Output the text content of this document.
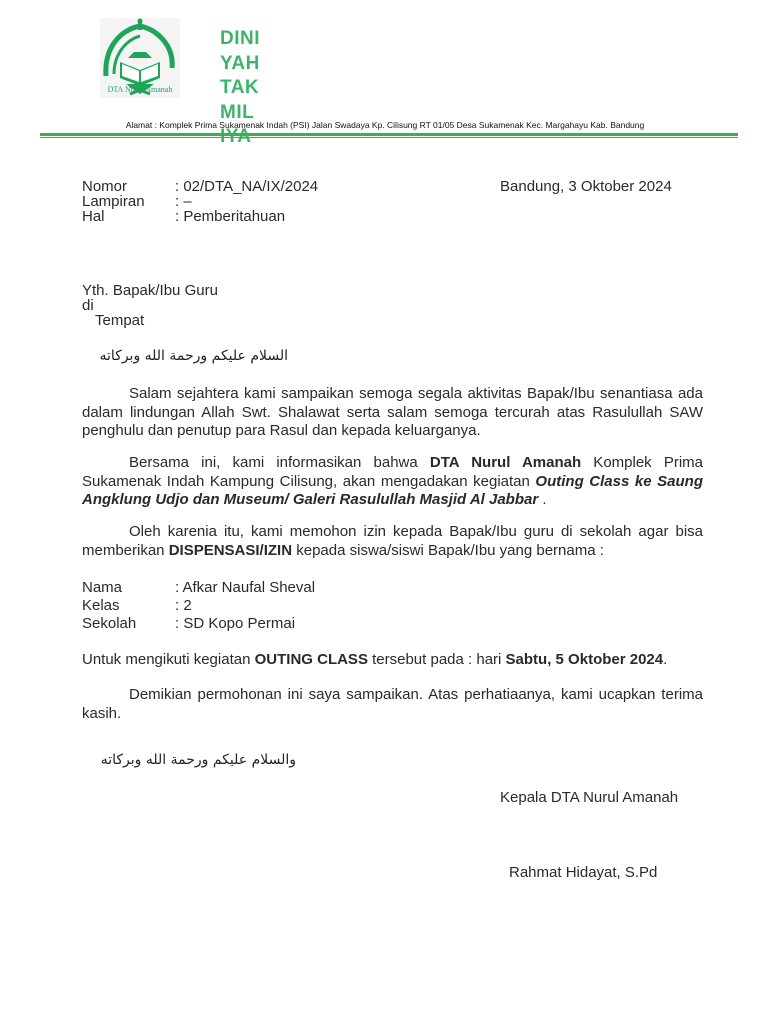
DTA Nurul Amanah
DINI
YAH
TAK
MIL
Alamat : Komplek Prima Sukamenak Indah (PSI) Jalan Swadaya Kp. Cilisung RT 01/05 Desa Sukamenak Kec. Margahayu Kab. Bandung
Nomor	: 02/DTA_NA/IX/2024
Lampiran : –
Hal	: Pemberitahuan
Bandung, 3 Oktober 2024
Yth. Bapak/Ibu Guru
di
Tempat
السلام عليكم ورحمة الله وبركاته
Salam sejahtera kami sampaikan semoga segala aktivitas Bapak/Ibu senantiasa ada dalam lindungan Allah Swt. Shalawat serta salam semoga tercurah atas Rasulullah SAW penghulu dan penutup para Rasul dan kepada keluarganya.
Bersama ini, kami informasikan bahwa DTA Nurul Amanah Komplek Prima Sukamenak Indah Kampung Cilisung, akan mengadakan kegiatan Outing Class ke Saung Angklung Udjo dan Museum/ Galeri Rasulullah Masjid Al Jabbar .
Oleh karenia itu, kami memohon izin kepada Bapak/Ibu guru di sekolah agar bisa memberikan DISPENSASI/IZIN kepada siswa/siswi Bapak/Ibu yang bernama :
Nama	: Afkar Naufal Sheval
Kelas	: 2
Sekolah	: SD Kopo Permai
Untuk mengikuti kegiatan OUTING CLASS tersebut pada : hari Sabtu, 5 Oktober 2024.
Demikian permohonan ini saya sampaikan. Atas perhatiaanya, kami ucapkan terima kasih.
والسلام عليكم ورحمة الله وبركاته
Kepala DTA Nurul Amanah
Rahmat Hidayat, S.Pd
